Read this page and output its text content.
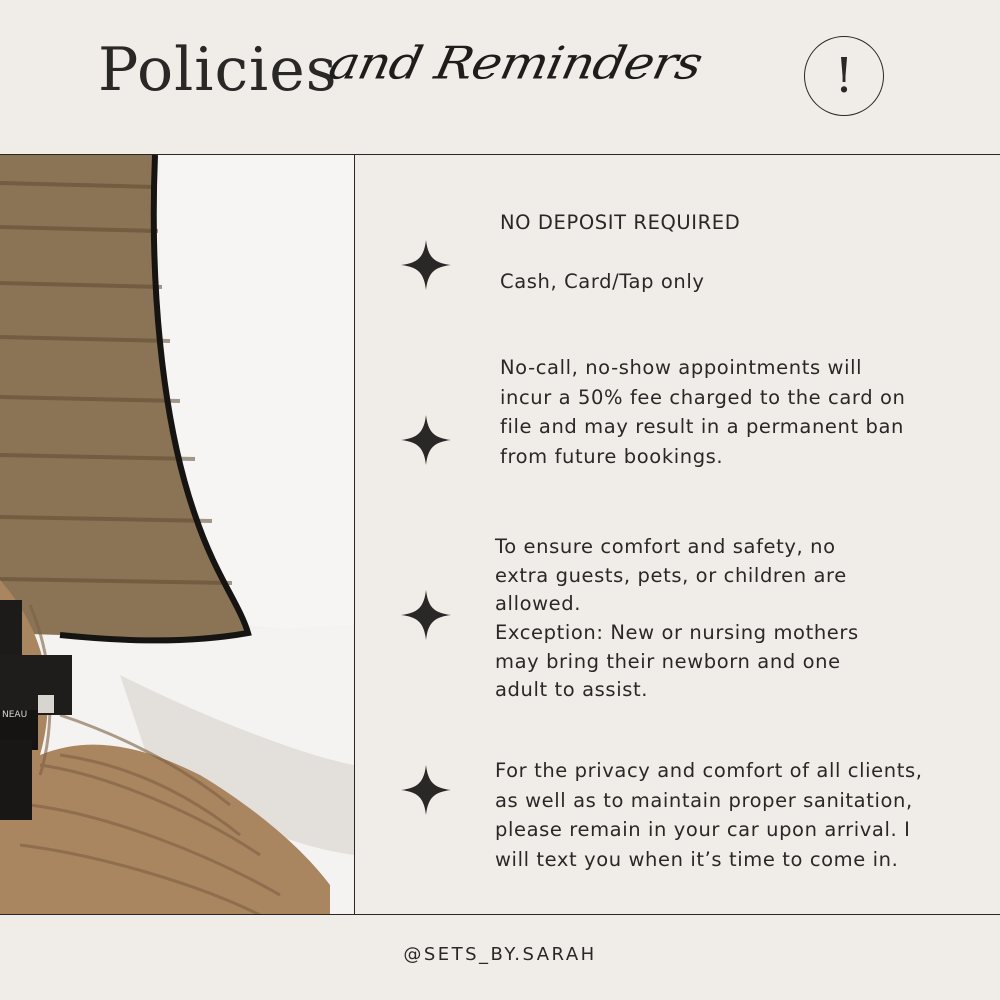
Policies
and Reminders	!
NEAU

NO DEPOSIT REQUIRED

Cash, Card/Tap only

No-call, no-show appointments will incur a 50% fee charged to the card on file and may result in a permanent ban from future bookings.

To ensure comfort and safety, no extra guests, pets, or children are allowed.

Exception: New or nursing mothers may bring their newborn and one adult to assist.

For the privacy and comfort of all clients, as well as to maintain proper sanitation, please remain in your car upon arrival. I will text you when it’s time to come in.

@SETS_BY.SARAH
